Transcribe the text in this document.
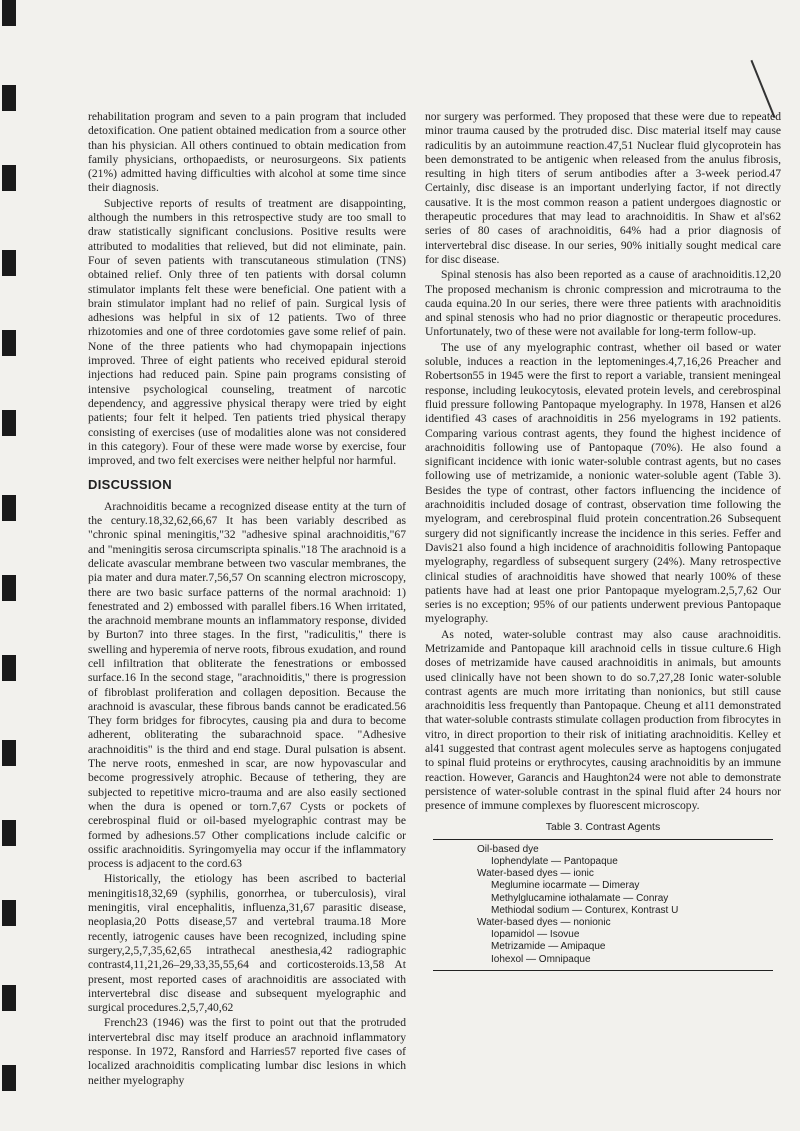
rehabilitation program and seven to a pain program that included detoxification. One patient obtained medication from a source other than his physician. All others continued to obtain medication from family physicians, orthopaedists, or neurosurgeons. Six patients (21%) admitted having difficulties with alcohol at some time since their diagnosis.

Subjective reports of results of treatment are disappointing, although the numbers in this retrospective study are too small to draw statistically significant conclusions. Positive results were attributed to modalities that relieved, but did not eliminate, pain. Four of seven patients with transcutaneous stimulation (TNS) obtained relief. Only three of ten patients with dorsal column stimulator implants felt these were beneficial. One patient with a brain stimulator implant had no relief of pain. Surgical lysis of adhesions was helpful in six of 12 patients. Two of three rhizotomies and one of three cordotomies gave some relief of pain. None of the three patients who had chymopapain injections improved. Three of eight patients who received epidural steroid injections had reduced pain. Spine pain programs consisting of intensive psychological counseling, treatment of narcotic dependency, and aggressive physical therapy were tried by eight patients; four felt it helped. Ten patients tried physical therapy consisting of exercises (use of modalities alone was not considered in this category). Four of these were made worse by exercise, four improved, and two felt exercises were neither helpful nor harmful.

DISCUSSION

Arachnoiditis became a recognized disease entity at the turn of the century.18,32,62,66,67 It has been variably described as "chronic spinal meningitis,"32 "adhesive spinal arachnoiditis,"67 and "meningitis serosa circumscripta spinalis."18 The arachnoid is a delicate avascular membrane between two vascular membranes, the pia mater and dura mater.7,56,57 On scanning electron microscopy, there are two basic surface patterns of the normal arachnoid: 1) fenestrated and 2) embossed with parallel fibers.16 When irritated, the arachnoid membrane mounts an inflammatory response, divided by Burton7 into three stages. In the first, "radiculitis," there is swelling and hyperemia of nerve roots, fibrous exudation, and round cell infiltration that obliterate the fenestrations or embossed surface.16 In the second stage, "arachnoiditis," there is progression of fibroblast proliferation and collagen deposition. Because the arachnoid is avascular, these fibrous bands cannot be eradicated.56 They form bridges for fibrocytes, causing pia and dura to become adherent, obliterating the subarachnoid space. "Adhesive arachnoiditis" is the third and end stage. Dural pulsation is absent. The nerve roots, enmeshed in scar, are now hypovascular and become progressively atrophic. Because of tethering, they are subjected to repetitive micro-trauma and are also easily sectioned when the dura is opened or torn.7,67 Cysts or pockets of cerebrospinal fluid or oil-based myelographic contrast may be formed by adhesions.57 Other complications include calcific or ossific arachnoiditis. Syringomyelia may occur if the inflammatory process is adjacent to the cord.63

Historically, the etiology has been ascribed to bacterial meningitis18,32,69 (syphilis, gonorrhea, or tuberculosis), viral meningitis, viral encephalitis, influenza,31,67 parasitic disease, neoplasia,20 Potts disease,57 and vertebral trauma.18 More recently, iatrogenic causes have been recognized, including spine surgery,2,5,7,35,62,65 intrathecal anesthesia,42 radiographic contrast4,11,21,26–29,33,35,55,64 and corticosteroids.13,58 At present, most reported cases of arachnoiditis are associated with intervertebral disc disease and subsequent myelographic and surgical procedures.2,5,7,40,62

French23 (1946) was the first to point out that the protruded intervertebral disc may itself produce an arachnoid inflammatory response. In 1972, Ransford and Harries57 reported five cases of localized arachnoiditis complicating lumbar disc lesions in which neither myelography

nor surgery was performed. They proposed that these were due to repeated minor trauma caused by the protruded disc. Disc material itself may cause radiculitis by an autoimmune reaction.47,51 Nuclear fluid glycoprotein has been demonstrated to be antigenic when released from the anulus fibrosis, resulting in high titers of serum antibodies after a 3-week period.47 Certainly, disc disease is an important underlying factor, if not directly causative. It is the most common reason a patient undergoes diagnostic or therapeutic procedures that may lead to arachnoiditis. In Shaw et al's62 series of 80 cases of arachnoiditis, 64% had a prior diagnosis of intervertebral disc disease. In our series, 90% initially sought medical care for disc disease.

Spinal stenosis has also been reported as a cause of arachnoiditis.12,20 The proposed mechanism is chronic compression and microtrauma to the cauda equina.20 In our series, there were three patients with arachnoiditis and spinal stenosis who had no prior diagnostic or therapeutic procedures. Unfortunately, two of these were not available for long-term follow-up.

The use of any myelographic contrast, whether oil based or water soluble, induces a reaction in the leptomeninges.4,7,16,26 Preacher and Robertson55 in 1945 were the first to report a variable, transient meningeal response, including leukocytosis, elevated protein levels, and cerebrospinal fluid pressure following Pantopaque myelography. In 1978, Hansen et al26 identified 43 cases of arachnoiditis in 256 myelograms in 192 patients. Comparing various contrast agents, they found the highest incidence of arachnoiditis following use of Pantopaque (70%). He also found a significant incidence with ionic water-soluble contrast agents, but no cases following use of metrizamide, a nonionic water-soluble agent (Table 3). Besides the type of contrast, other factors influencing the incidence of arachnoiditis included dosage of contrast, observation time following the myelogram, and cerebrospinal fluid protein concentration.26 Subsequent surgery did not significantly increase the incidence in this series. Feffer and Davis21 also found a high incidence of arachnoiditis following Pantopaque myelography, regardless of subsequent surgery (24%). Many retrospective clinical studies of arachnoiditis have showed that nearly 100% of these patients have had at least one prior Pantopaque myelogram.2,5,7,62 Our series is no exception; 95% of our patients underwent previous Pantopaque myelography.

As noted, water-soluble contrast may also cause arachnoiditis. Metrizamide and Pantopaque kill arachnoid cells in tissue culture.6 High doses of metrizamide have caused arachnoiditis in animals, but amounts used clinically have not been shown to do so.7,27,28 Ionic water-soluble contrast agents are much more irritating than nonionics, but still cause arachnoiditis less frequently than Pantopaque. Cheung et al11 demonstrated that water-soluble contrasts stimulate collagen production from fibrocytes in vitro, in direct proportion to their risk of initiating arachnoiditis. Kelley et al41 suggested that contrast agent molecules serve as haptogens conjugated to spinal fluid proteins or erythrocytes, causing arachnoiditis by an immune reaction. However, Garancis and Haughton24 were not able to demonstrate persistence of water-soluble contrast in the spinal fluid after 24 hours nor presence of immune complexes by fluorescent microscopy.

Table 3. Contrast Agents
Oil-based dye
Iophendylate — Pantopaque
Water-based dyes — ionic
Meglumine iocarmate — Dimeray
Methylglucamine iothalamate — Conray
Methiodal sodium — Conturex, Kontrast U
Water-based dyes — nonionic
Iopamidol — Isovue
Metrizamide — Amipaque
Iohexol — Omnipaque
